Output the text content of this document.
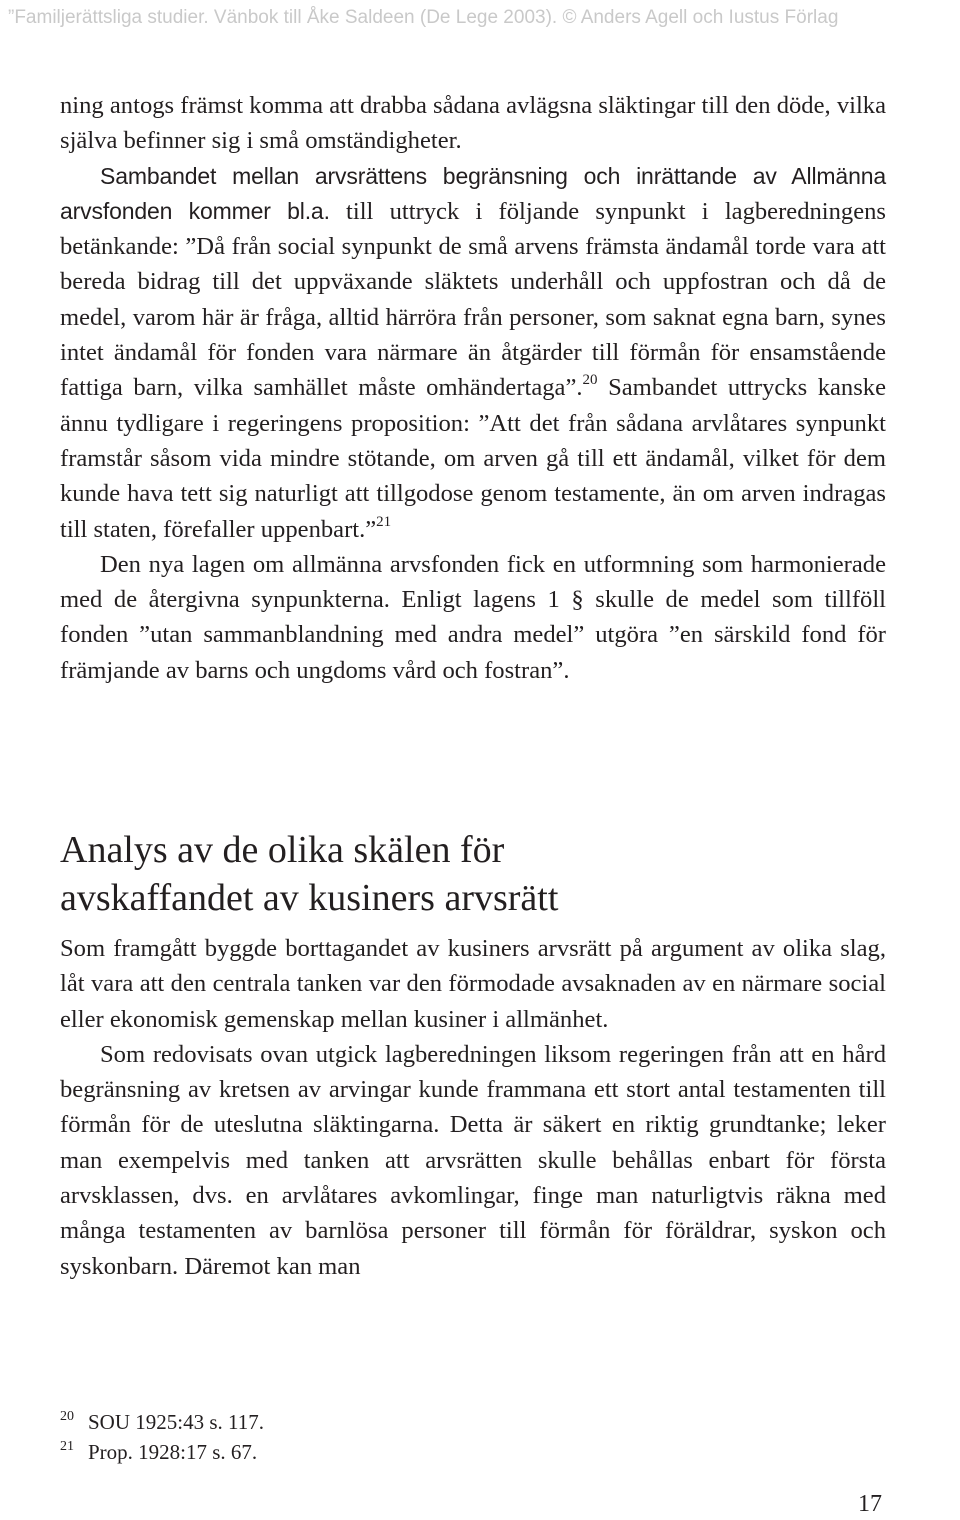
”Familjerättsliga studier. Vänbok till Åke Saldeen (De Lege 2003). © Anders Agell och Iustus Förlag

ning antogs främst komma att drabba sådana avlägsna släktingar till den döde, vilka själva befinner sig i små omständigheter.

Sambandet mellan arvsrättens begränsning och inrättande av Allmänna arvsfonden kommer bl.a. till uttryck i följande synpunkt i lagberedningens betänkande: ”Då från social synpunkt de små arvens främsta ändamål torde vara att bereda bidrag till det uppväxande släktets underhåll och uppfostran och då de medel, varom här är fråga, alltid härröra från personer, som saknat egna barn, synes intet ändamål för fonden vara närmare än åtgärder till förmån för ensamstående fattiga barn, vilka samhället måste omhändertaga”.$^{20}$ Sambandet uttrycks kanske ännu tydligare i regeringens proposition: ”Att det från sådana arvlåtares synpunkt framstår såsom vida mindre stötande, om arven gå till ett ändamål, vilket för dem kunde hava tett sig naturligt att tillgodose genom testamente, än om arven indragas till staten, förefaller uppenbart.”$^{21}$

Den nya lagen om allmänna arvsfonden fick en utformning som harmonierade med de återgivna synpunkterna. Enligt lagens 1 § skulle de medel som tillföll fonden ”utan sammanblandning med andra medel” utgöra ”en särskild fond för främjande av barns och ungdoms vård och fostran”.

Analys av de olika skälen för
avskaffandet av kusiners arvsrätt

Som framgått byggde borttagandet av kusiners arvsrätt på argument av olika slag, låt vara att den centrala tanken var den förmodade avsaknaden av en närmare social eller ekonomisk gemenskap mellan kusiner i allmänhet.

Som redovisats ovan utgick lagberedningen liksom regeringen från att en hård begränsning av kretsen av arvingar kunde frammana ett stort antal testamenten till förmån för de uteslutna släktingarna. Detta är säkert en riktig grundtanke; leker man exempelvis med tanken att arvsrätten skulle behållas enbart för första arvsklassen, dvs. en arvlåtares avkomlingar, finge man naturligtvis räkna med många testamenten av barnlösa personer till förmån för föräldrar, syskon och syskonbarn. Däremot kan man

20 SOU 1925:43 s. 117.
21 Prop. 1928:17 s. 67.
17
